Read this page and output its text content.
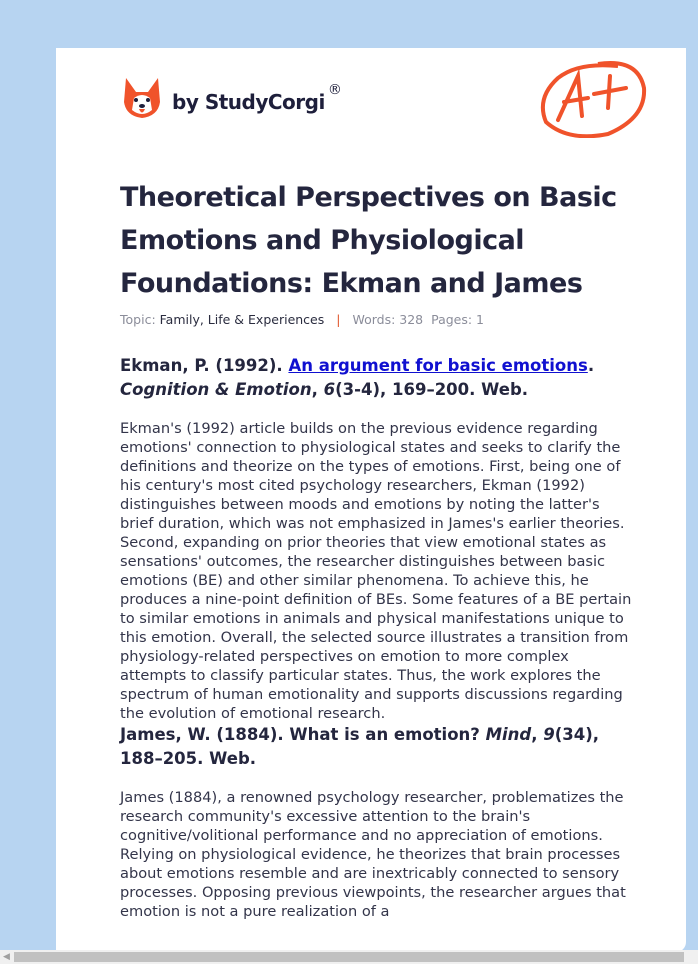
by StudyCorgi ®
Theoretical Perspectives on Basic Emotions and Physiological Foundations: Ekman and James
Topic: Family, Life & Experiences | Words: 328 Pages: 1
Ekman, P. (1992). An argument for basic emotions.
Cognition & Emotion, 6(3-4), 169–200. Web.

Ekman's (1992) article builds on the previous evidence regarding emotions' connection to physiological states and seeks to clarify the definitions and theorize on the types of emotions. First, being one of his century's most cited psychology researchers, Ekman (1992) distinguishes between moods and emotions by noting the latter's brief duration, which was not emphasized in James's earlier theories. Second, expanding on prior theories that view emotional states as sensations' outcomes, the researcher distinguishes between basic emotions (BE) and other similar phenomena. To achieve this, he produces a nine-point definition of BEs. Some features of a BE pertain to similar emotions in animals and physical manifestations unique to this emotion. Overall, the selected source illustrates a transition from physiology-related perspectives on emotion to more complex attempts to classify particular states. Thus, the work explores the spectrum of human emotionality and supports discussions regarding the evolution of emotional research.

James, W. (1884). What is an emotion? Mind, 9(34), 188–205. Web.

James (1884), a renowned psychology researcher, problematizes the research community's excessive attention to the brain's cognitive/volitional performance and no appreciation of emotions. Relying on physiological evidence, he theorizes that brain processes about emotions resemble and are inextricably connected to sensory processes. Opposing previous viewpoints, the researcher argues that emotion is not a pure realization of a

◀
